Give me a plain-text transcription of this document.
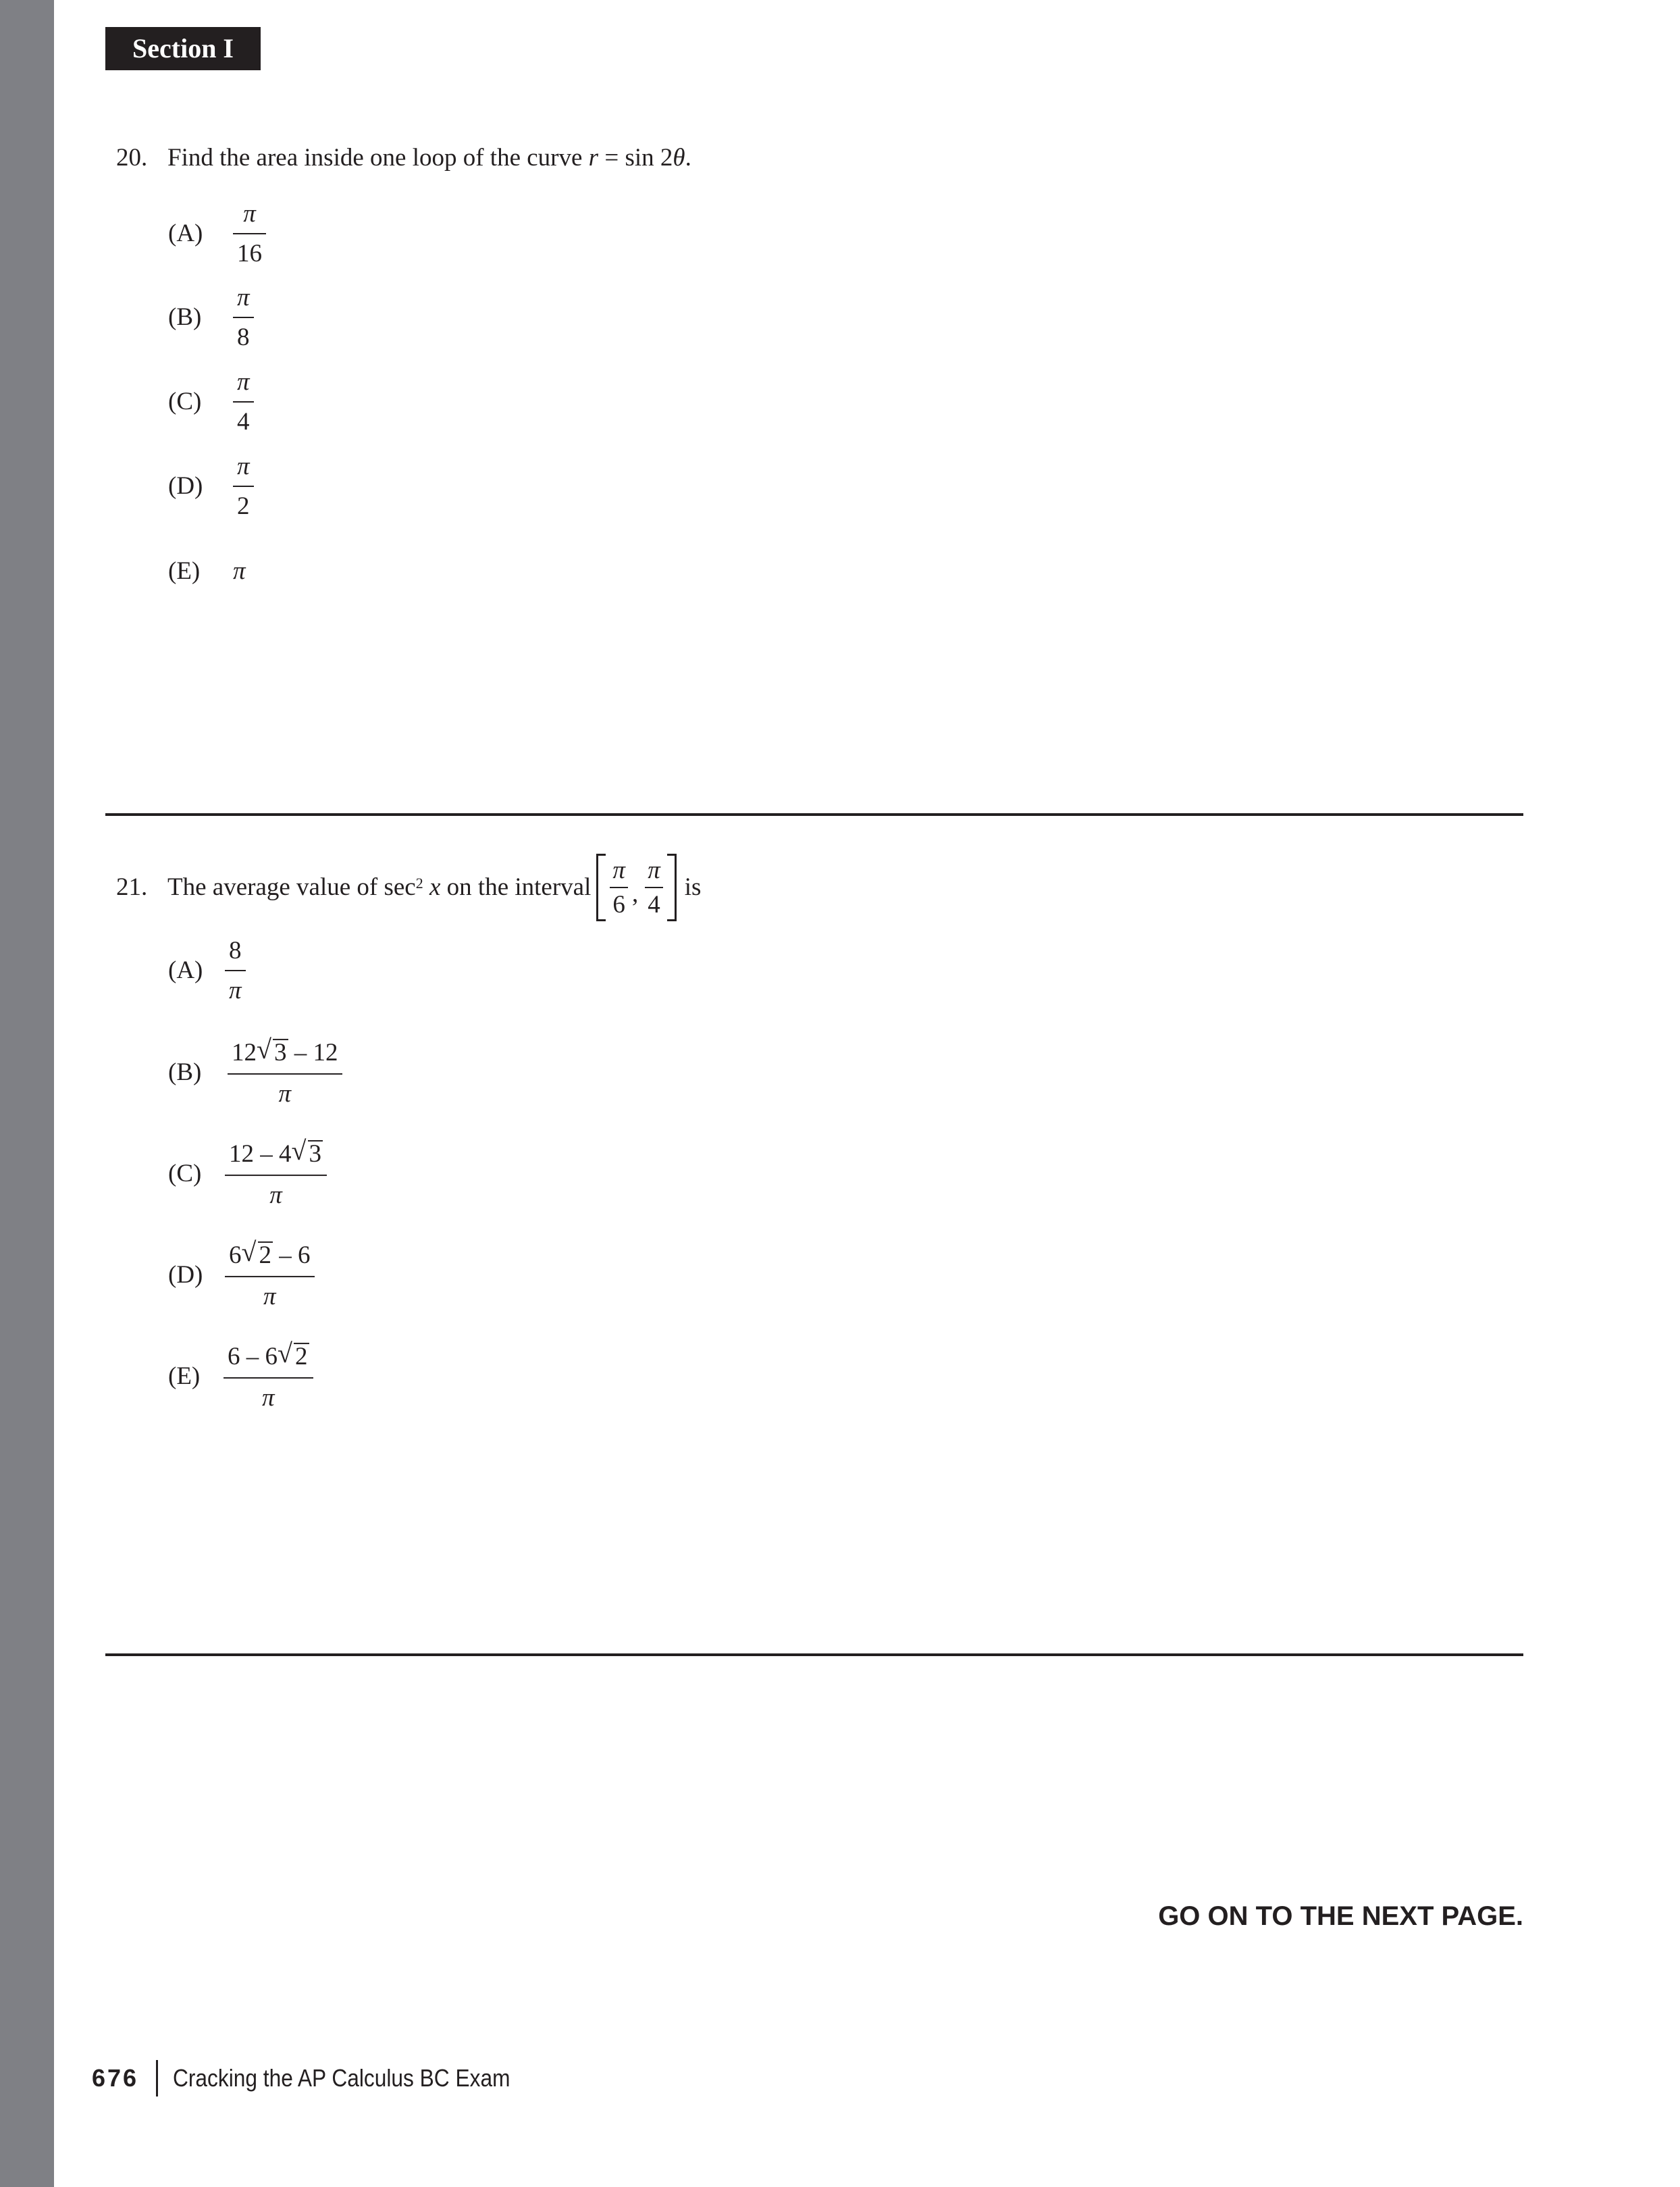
Section I
20. Find the area inside one loop of the curve r = sin 2θ.
(A)
π
16
(B)
π
8
(C)
π
4
(D)
π
2
(E) π
21. The average value of $\sec^2 x$ on the interval $\frac{\pi}{6}$ , $\frac{\pi}{4}$ is
(A)
8
π
(B)
12 √ 3 – 12
π
(C)
12 – 4 √ 3
π
(D)
6 √ 2 – 6
π
(E)
6 – 6 √ 2
π
GO ON TO THE NEXT PAGE.
676 Cracking the AP Calculus BC Exam
